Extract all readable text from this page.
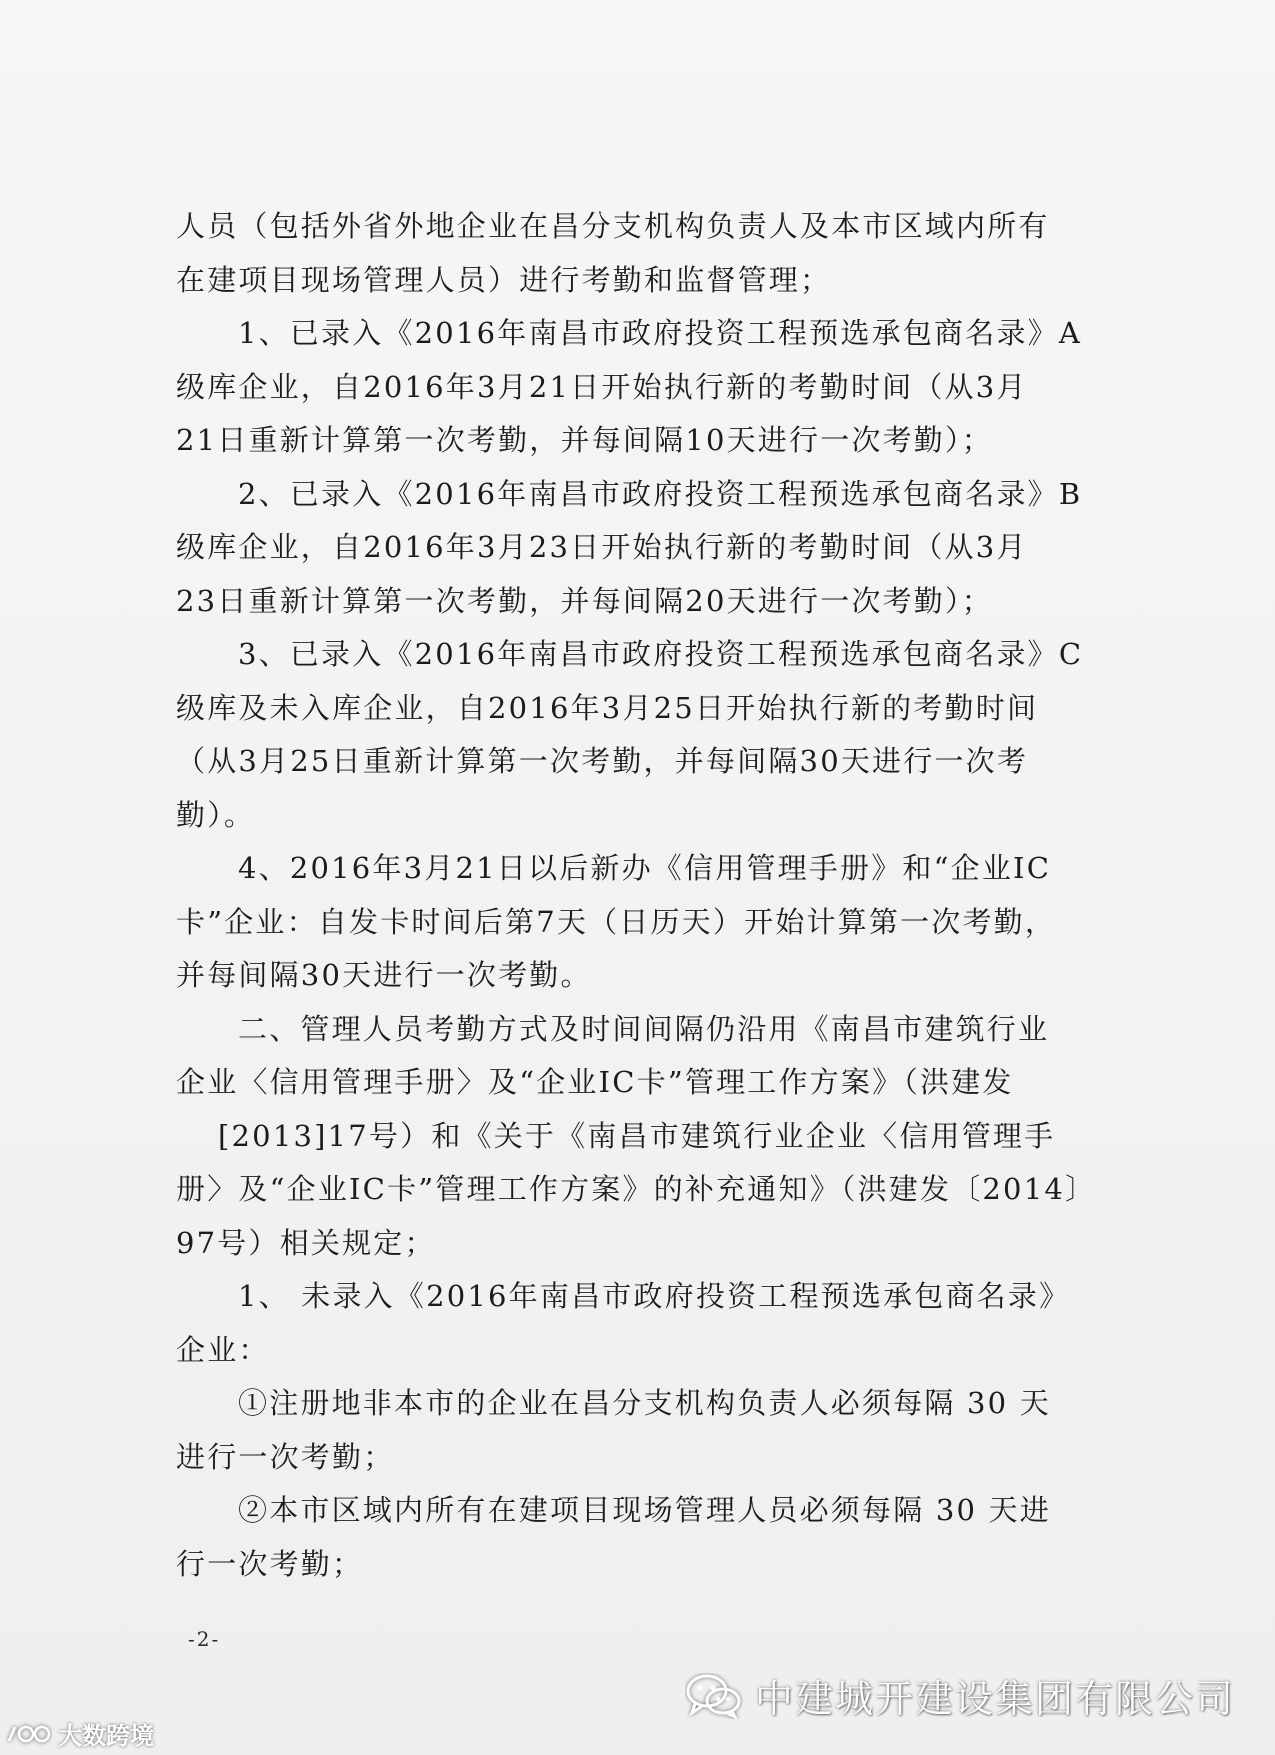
人员（包括外省外地企业在昌分支机构负责人及本市区域内所有
在建项目现场管理人员）进行考勤和监督管理；
1、已录入《2016年南昌市政府投资工程预选承包商名录》A
级库企业，自2016年3月21日开始执行新的考勤时间（从3月
21日重新计算第一次考勤，并每间隔10天进行一次考勤）；
2、已录入《2016年南昌市政府投资工程预选承包商名录》B
级库企业，自2016年3月23日开始执行新的考勤时间（从3月
23日重新计算第一次考勤，并每间隔20天进行一次考勤）；
3、已录入《2016年南昌市政府投资工程预选承包商名录》C
级库及未入库企业，自2016年3月25日开始执行新的考勤时间
（从3月25日重新计算第一次考勤，并每间隔30天进行一次考
勤）。
4、2016年3月21日以后新办《信用管理手册》和“企业IC
卡”企业：自发卡时间后第7天（日历天）开始计算第一次考勤，
并每间隔30天进行一次考勤。
二、管理人员考勤方式及时间间隔仍沿用《南昌市建筑行业
企业〈信用管理手册〉及“企业IC卡”管理工作方案》（洪建发
[2013]17号）和《关于《南昌市建筑行业企业〈信用管理手
册〉及“企业IC卡”管理工作方案》的补充通知》（洪建发〔2014〕
97号）相关规定；
1、 未录入《2016年南昌市政府投资工程预选承包商名录》
企业：
①注册地非本市的企业在昌分支机构负责人必须每隔 30 天
进行一次考勤；
②本市区域内所有在建项目现场管理人员必须每隔 30 天进
行一次考勤；
-2-
中建城开建设集团有限公司
大数跨境
